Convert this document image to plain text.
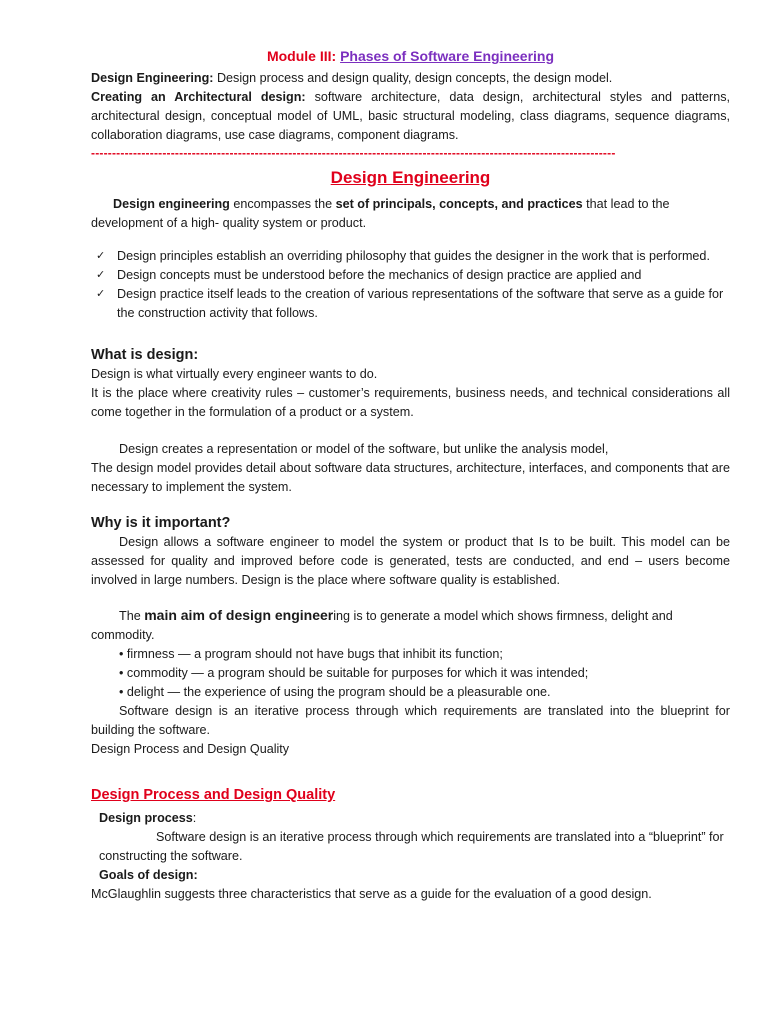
Module III: Phases of Software Engineering

Design Engineering: Design process and design quality, design concepts, the design model.

Creating an Architectural design: software architecture, data design, architectural styles and patterns, architectural design, conceptual model of UML, basic structural modeling, class diagrams, sequence diagrams, collaboration diagrams, use case diagrams, component diagrams.

-----------------------------------------------------------------------------------------------------------------------------

Design Engineering

Design engineering encompasses the set of principals, concepts, and practices that lead to the development of a high- quality system or product.

✓ Design principles establish an overriding philosophy that guides the designer in the work that is performed.
✓ Design concepts must be understood before the mechanics of design practice are applied and
✓ Design practice itself leads to the creation of various representations of the software that serve as a guide for the construction activity that follows.

What is design:

Design is what virtually every engineer wants to do.

It is the place where creativity rules – customer’s requirements, business needs, and technical considerations all come together in the formulation of a product or a system.

Design creates a representation or model of the software, but unlike the analysis model,

The design model provides detail about software data structures, architecture, interfaces, and components that are necessary to implement the system.

Why is it important?

Design allows a software engineer to model the system or product that Is to be built. This model can be assessed for quality and improved before code is generated, tests are conducted, and end – users become involved in large numbers. Design is the place where software quality is established.

The main aim of design engineering is to generate a model which shows firmness, delight and commodity.

• firmness — a program should not have bugs that inhibit its function;

• commodity — a program should be suitable for purposes for which it was intended;

• delight — the experience of using the program should be a pleasurable one.

Software design is an iterative process through which requirements are translated into the blueprint for building the software.

Design Process and Design Quality

Design Process and Design Quality

Design process:

Software design is an iterative process through which requirements are translated into a “blueprint” for constructing the software.

Goals of design:

McGlaughlin suggests three characteristics that serve as a guide for the evaluation of a good design.
